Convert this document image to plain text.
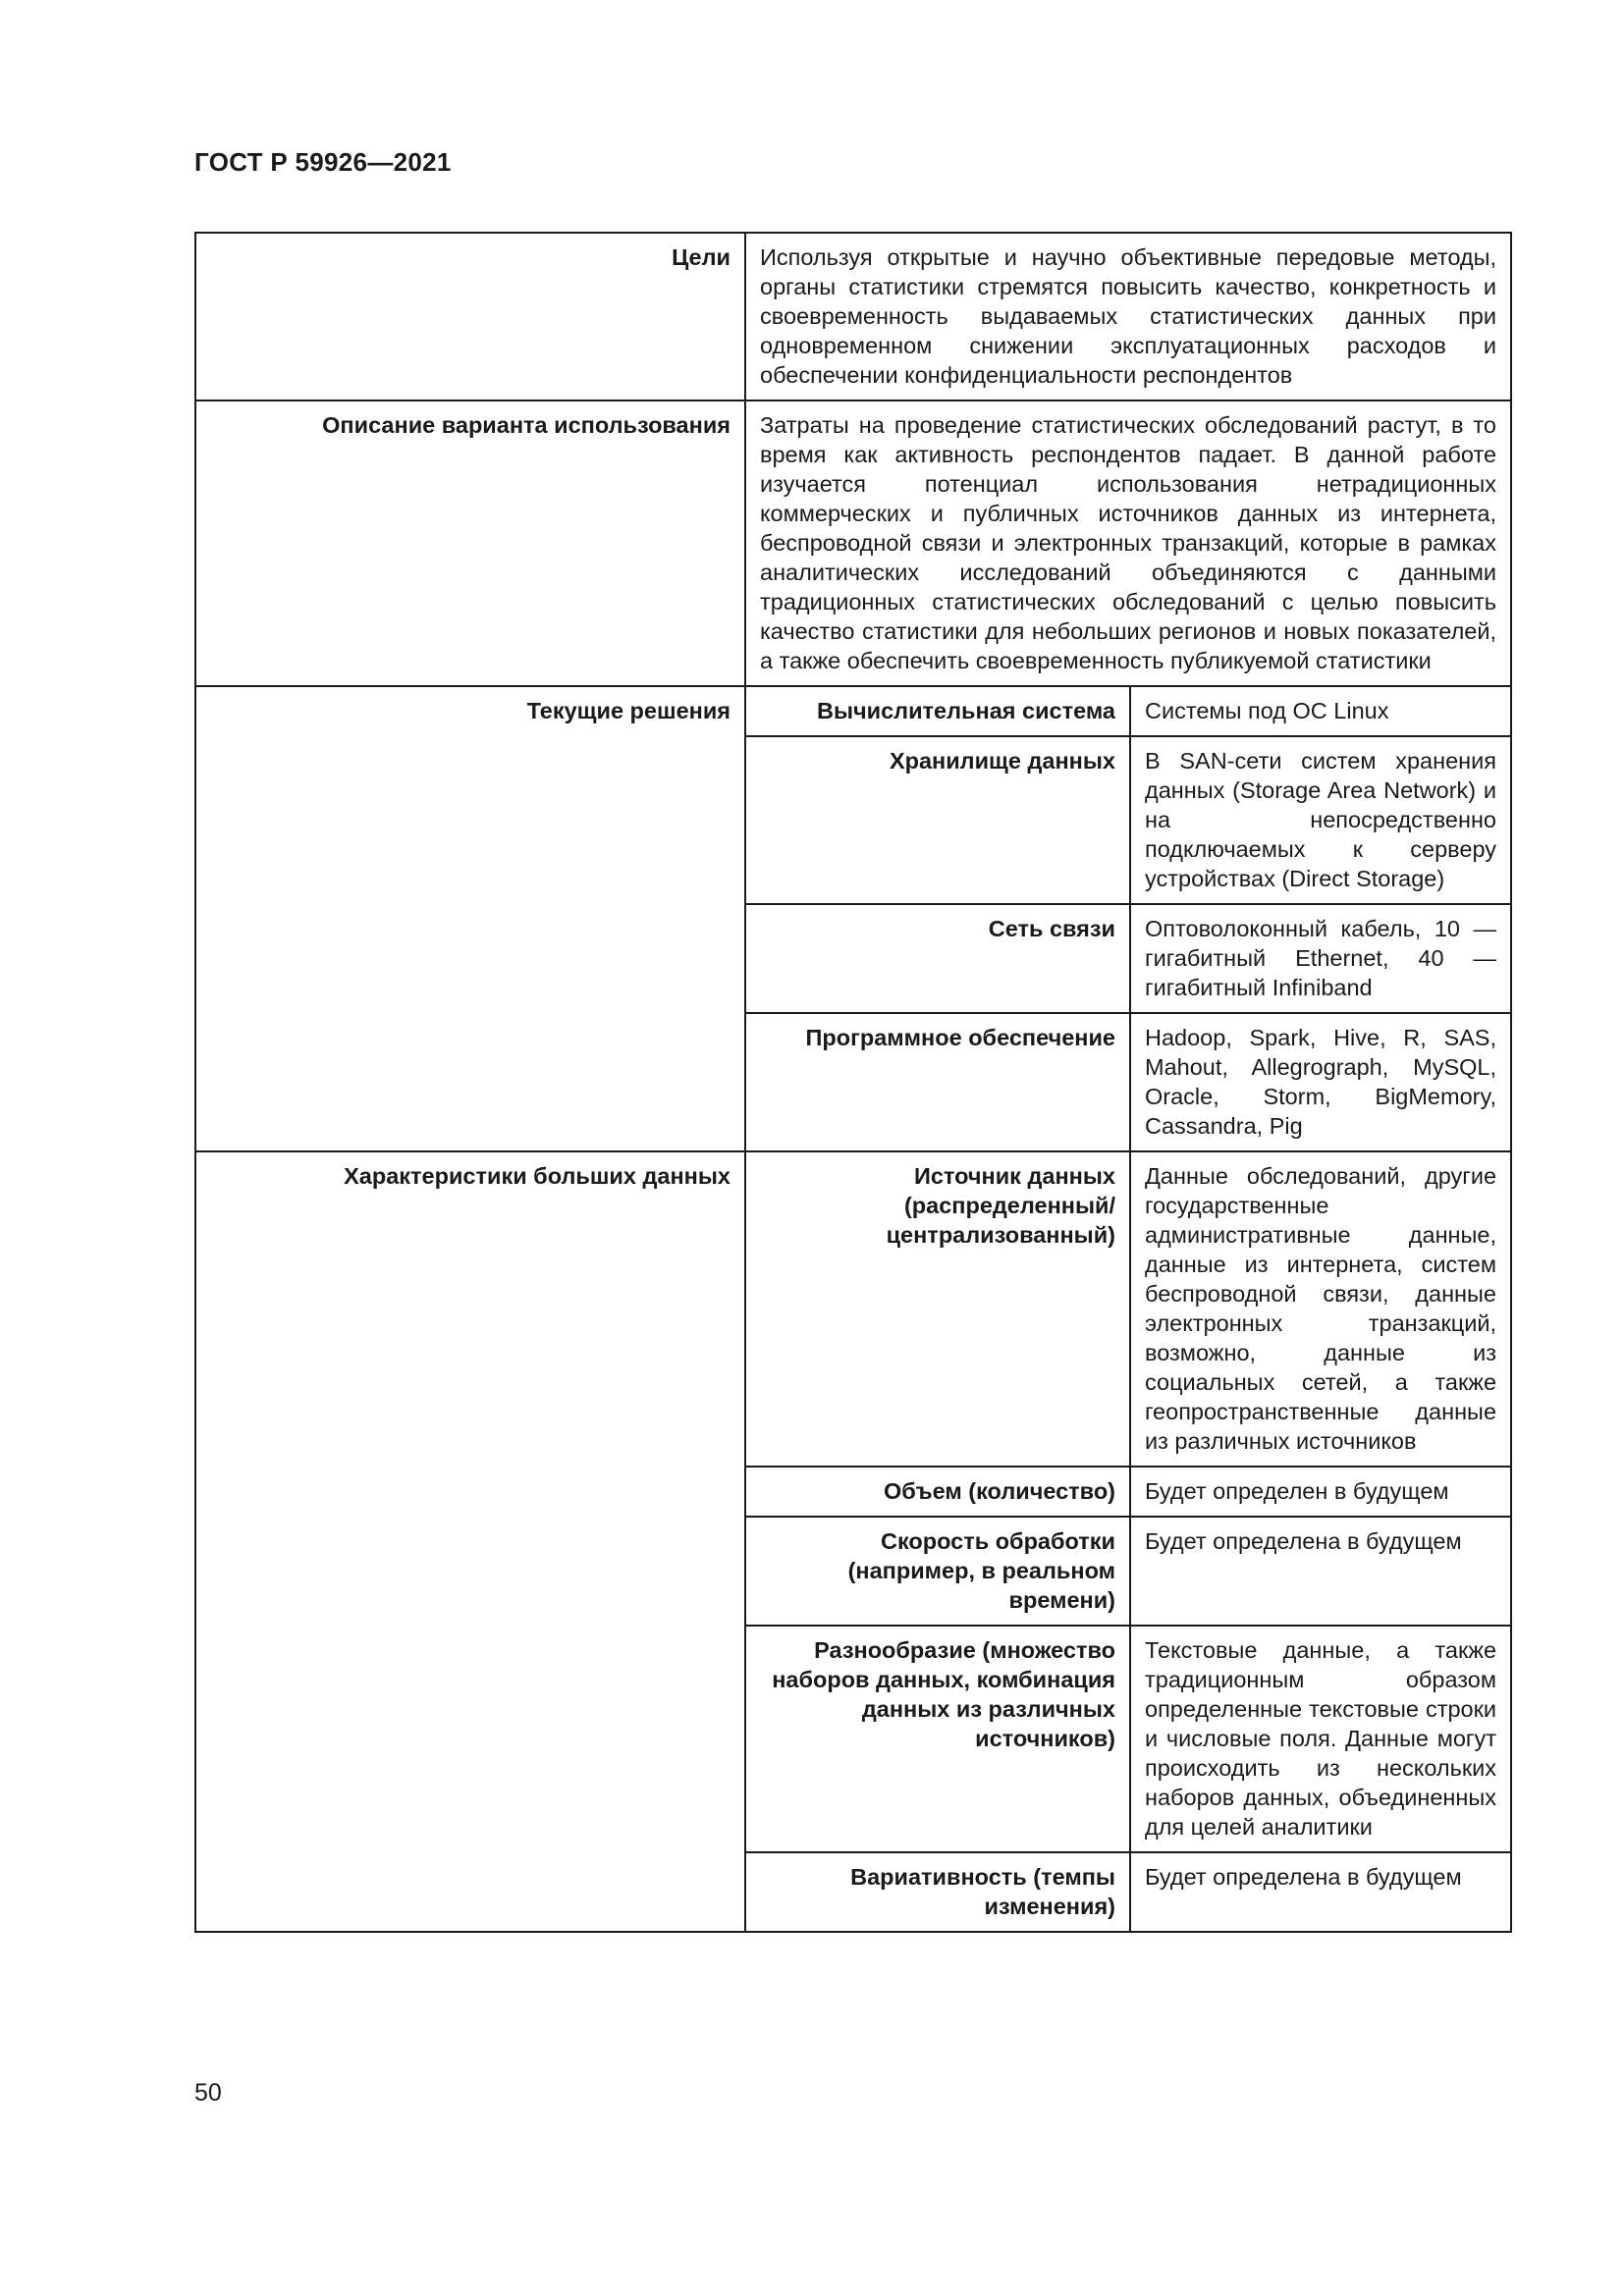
ГОСТ Р 59926—2021
Цели	Используя открытые и научно объективные передовые методы, органы статистики стремятся повысить качество, конкретность и своевременность выдаваемых статистических данных при одновременном снижении эксплуатационных расходов и обеспечении конфиденциальности респондентов	
Описание варианта использования	Затраты на проведение статистических обследований растут, в то время как активность респондентов падает. В данной работе изучается потенциал использования нетрадиционных коммерческих и публичных источников данных из интернета, беспроводной связи и электронных транзакций, которые в рамках аналитических исследований объединяются с данными традиционных статистических обследований с целью повысить качество статистики для небольших регионов и новых показателей, а также обеспечить своевременность публикуемой статистики	
Текущие решения	Вычислительная система	Системы под ОС Linux
	Хранилище данных	В SAN-сети систем хранения данных (Storage Area Network) и на непосредственно подключаемых к серверу устройствах (Direct Storage)
	Сеть связи	Оптоволоконный кабель, 10 — гигабитный Ethernet, 40 — гигабитный Infiniband
	Программное обеспечение	Hadoop, Spark, Hive, R, SAS, Mahout, Allegrograph, MySQL, Oracle, Storm, BigMemory, Cassandra, Pig
Характеристики больших данных	Источник данных (распределенный/централизованный)	Данные обследований, другие государственные административные данные, данные из интернета, систем беспроводной связи, данные электронных транзакций, возможно, данные из социальных сетей, а также геопространственные данные из различных источников
	Объем (количество)	Будет определен в будущем
	Скорость обработки (например, в реальном времени)	Будет определена в будущем
	Разнообразие (множество наборов данных, комбинация данных из различных источников)	Текстовые данные, а также традиционным образом определенные текстовые строки и числовые поля. Данные могут происходить из нескольких наборов данных, объединенных для целей аналитики
	Вариативность (темпы изменения)	Будет определена в будущем
50
